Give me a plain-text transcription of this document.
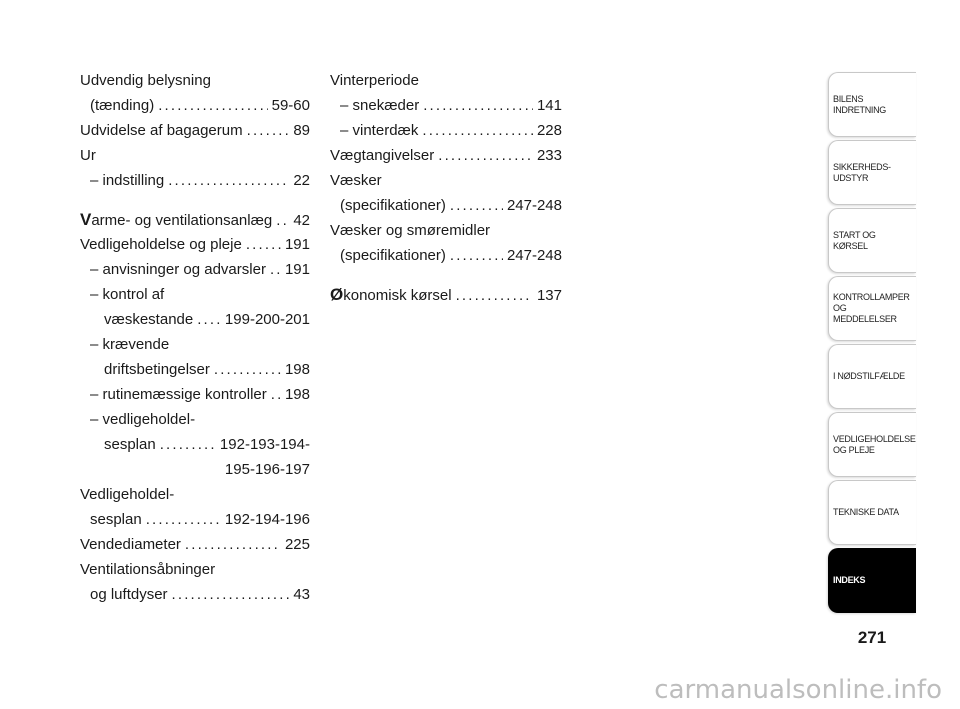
Udvendig belysning
(tænding) . . .	59-60
Udvidelse af bagagerum . . .	89
Ur
– indstilling . . .	22
Varme- og ventilationsanlæg . . . 42
Vedligeholdelse og pleje . . .	191
– anvisninger og advarsler . . . 191
– kontrol af
væskestande . . . 199-200-201
– krævende
driftsbetingelser . . .	198
– rutinemæssige kontroller . . . 198
– vedligeholdel-
sesplan . . .	192-193-194-
195-196-197
Vedligeholdel-
sesplan . . .	192-194-196
Vendediameter . . .	225
Ventilationsåbninger
og luftdyser . . .	43
Vinterperiode
– snekæder . . .	141
– vinterdæk . . .	228
Vægtangivelser . . .	233
Væsker
(specifikationer) . . .	247-248
Væsker og smøremidler
(specifikationer) . . .	247-248
Økonomisk kørsel . . .	137
BILENS INDRETNING
SIKKERHEDS- UDSTYR
START OG KØRSEL
KONTROLLAMPER OG MEDDELELSER
I NØDSTILFÆLDE
VEDLIGEHOLDELSE OG PLEJE
TEKNISKE DATA
INDEKS
271
carmanualsonline.info
